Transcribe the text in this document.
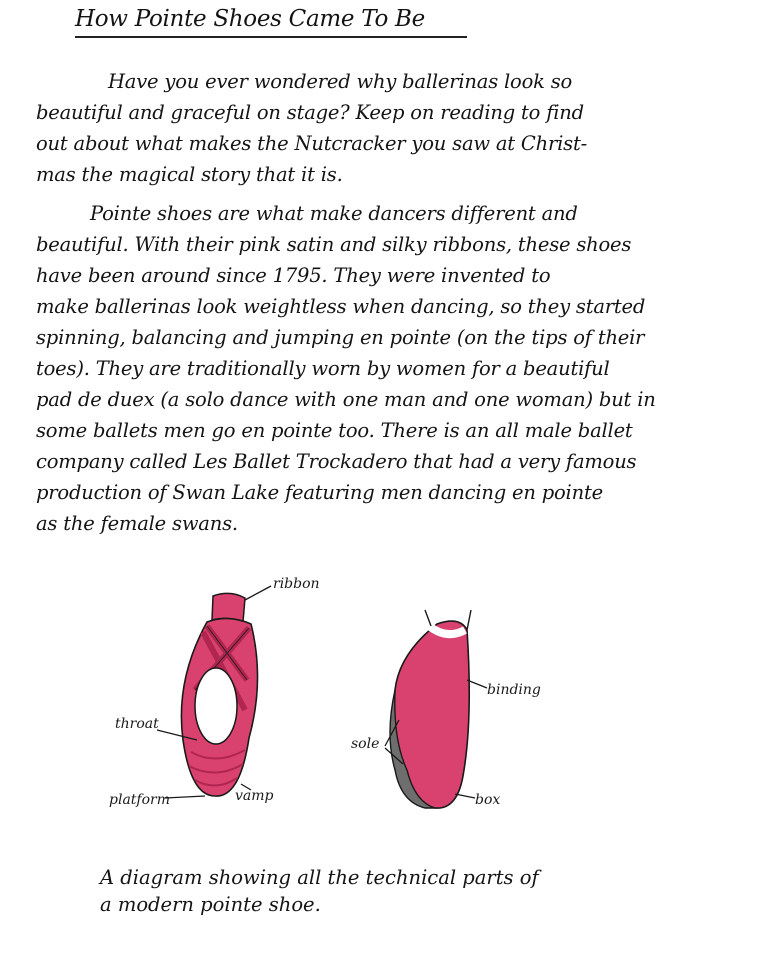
How Pointe Shoes Came To Be
Have you ever wondered why ballerinas look so
beautiful and graceful on stage? Keep on reading to find
out about what makes the Nutcracker you saw at Christ-
mas the magical story that it is.
Pointe shoes are what make dancers different and
beautiful. With their pink satin and silky ribbons, these shoes
have been around since 1795. They were invented to
make ballerinas look weightless when dancing, so they started
spinning, balancing and jumping en pointe (on the tips of their
toes). They are traditionally worn by women for a beautiful
pad de duex (a solo dance with one man and one woman) but in
some ballets men go en pointe too. There is an all male ballet
company called Les Ballet Trockadero that had a very famous
production of Swan Lake featuring men dancing en pointe
as the female swans.
ribbon
throat
platform	vamp
binding
sole
box
A diagram showing all the technical parts of
a modern pointe shoe.
